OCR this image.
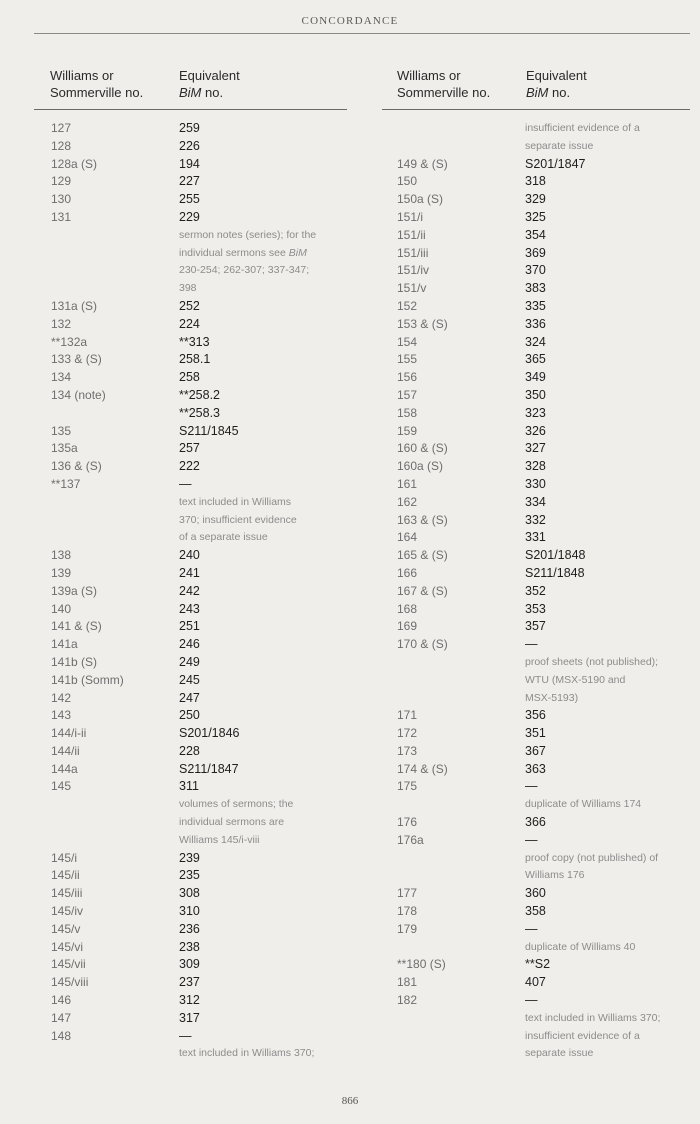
CONCORDANCE
Williams or
Sommerville no.
Equivalent
BiM no.
Williams or
Sommerville no.
Equivalent
BiM no.
127	259
128	226
128a (S)	194
129	227
130	255
131	229
sermon notes (series); for the
individual sermons see BiM
230-254; 262-307; 337-347;
398
131a (S)	252
132	224
**132a	**313
133 & (S)	258.1
134	258
134 (note)	**258.2
**258.3
135	S211/1845
135a	257
136 & (S)	222
**137	—
text included in Williams
370; insufficient evidence
of a separate issue
138	240
139	241
139a (S)	242
140	243
141 & (S)	251
141a	246
141b (S)	249
141b (Somm)	245
142	247
143	250
144/i-ii	S201/1846
144/ii	228
144a	S211/1847
145	311
volumes of sermons; the
individual sermons are
Williams 145/i-viii
145/i	239
145/ii	235
145/iii	308
145/iv	310
145/v	236
145/vi	238
145/vii	309
145/viii	237
146	312
147	317
148	—
text included in Williams 370;
insufficient evidence of a
separate issue
149 & (S)	S201/1847
150	318
150a (S)	329
151/i	325
151/ii	354
151/iii	369
151/iv	370
151/v	383
152	335
153 & (S)	336
154	324
155	365
156	349
157	350
158	323
159	326
160 & (S)	327
160a (S)	328
161	330
162	334
163 & (S)	332
164	331
165 & (S)	S201/1848
166	S211/1848
167 & (S)	352
168	353
169	357
170 & (S)	—
proof sheets (not published);
WTU (MSX-5190 and
MSX-5193)
171	356
172	351
173	367
174 & (S)	363
175	—
duplicate of Williams 174
176	366
176a	—
proof copy (not published) of
Williams 176
177	360
178	358
179	—
duplicate of Williams 40
**180 (S)	**S2
181	407
182	—
text included in Williams 370;
insufficient evidence of a
separate issue
866
